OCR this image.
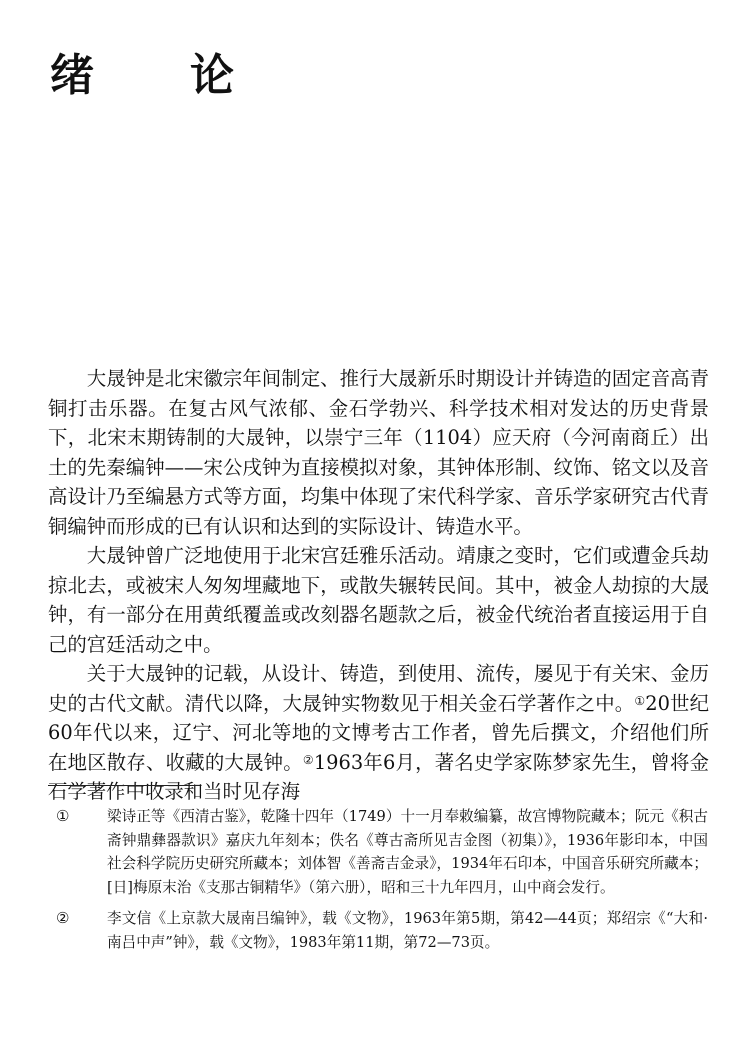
绪　论

大晟钟是北宋徽宗年间制定、推行大晟新乐时期设计并铸造的固定音高青铜打击乐器。在复古风气浓郁、金石学勃兴、科学技术相对发达的历史背景下，北宋末期铸制的大晟钟，以崇宁三年（1104）应天府（今河南商丘）出土的先秦编钟——宋公戌钟为直接模拟对象，其钟体形制、纹饰、铭文以及音高设计乃至编悬方式等方面，均集中体现了宋代科学家、音乐学家研究古代青铜编钟而形成的已有认识和达到的实际设计、铸造水平。

大晟钟曾广泛地使用于北宋宫廷雅乐活动。靖康之变时，它们或遭金兵劫掠北去，或被宋人匆匆埋藏地下，或散失辗转民间。其中，被金人劫掠的大晟钟，有一部分在用黄纸覆盖或改刻器名题款之后，被金代统治者直接运用于自己的宫廷活动之中。

关于大晟钟的记载，从设计、铸造，到使用、流传，屡见于有关宋、金历史的古代文献。清代以降，大晟钟实物数见于相关金石学著作之中。①20世纪60年代以来，辽宁、河北等地的文博考古工作者，曾先后撰文，介绍他们所在地区散存、收藏的大晟钟。②1963年6月，著名史学家陈梦家先生，曾将金石学著作中收录和当时见存海

①	梁诗正等《西清古鉴》，乾隆十四年（1749）十一月奉敕编纂，故宫博物院藏本；阮元《积古斋钟鼎彝器款识》嘉庆九年刻本；佚名《尊古斋所见吉金图（初集）》，1936年影印本，中国社会科学院历史研究所藏本；刘体智《善斋吉金录》，1934年石印本，中国音乐研究所藏本；[日]梅原末治《支那古铜精华》（第六册），昭和三十九年四月，山中商会发行。
②	李文信《上京款大晟南吕编钟》，载《文物》，1963年第5期，第42—44页；郑绍宗《“大和·南吕中声”钟》，载《文物》，1983年第11期，第72—73页。
